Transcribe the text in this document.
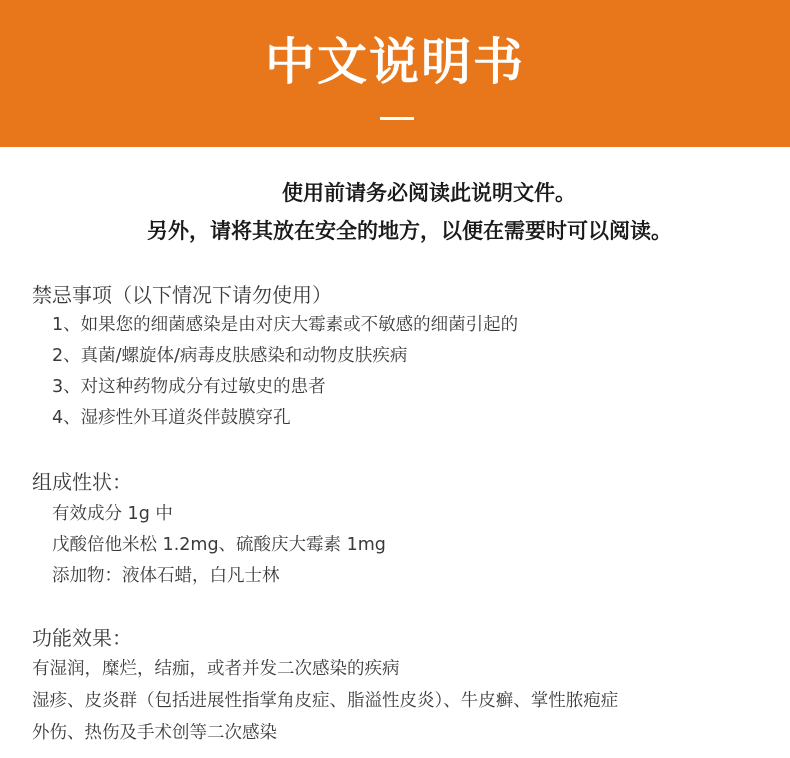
中文说明书
使用前请务必阅读此说明文件。
另外，请将其放在安全的地方，以便在需要时可以阅读。
禁忌事项（以下情况下请勿使用）
1、如果您的细菌感染是由对庆大霉素或不敏感的细菌引起的
2、真菌/螺旋体/病毒皮肤感染和动物皮肤疾病
3、对这种药物成分有过敏史的患者
4、湿疹性外耳道炎伴鼓膜穿孔
组成性状：
有效成分 1g 中
戊酸倍他米松 1.2mg、硫酸庆大霉素 1mg
添加物：液体石蜡，白凡士林
功能效果：
有湿润，糜烂，结痂，或者并发二次感染的疾病
湿疹、皮炎群（包括进展性指掌角皮症、脂溢性皮炎）、牛皮癣、掌性脓疱症
外伤、热伤及手术创等二次感染
